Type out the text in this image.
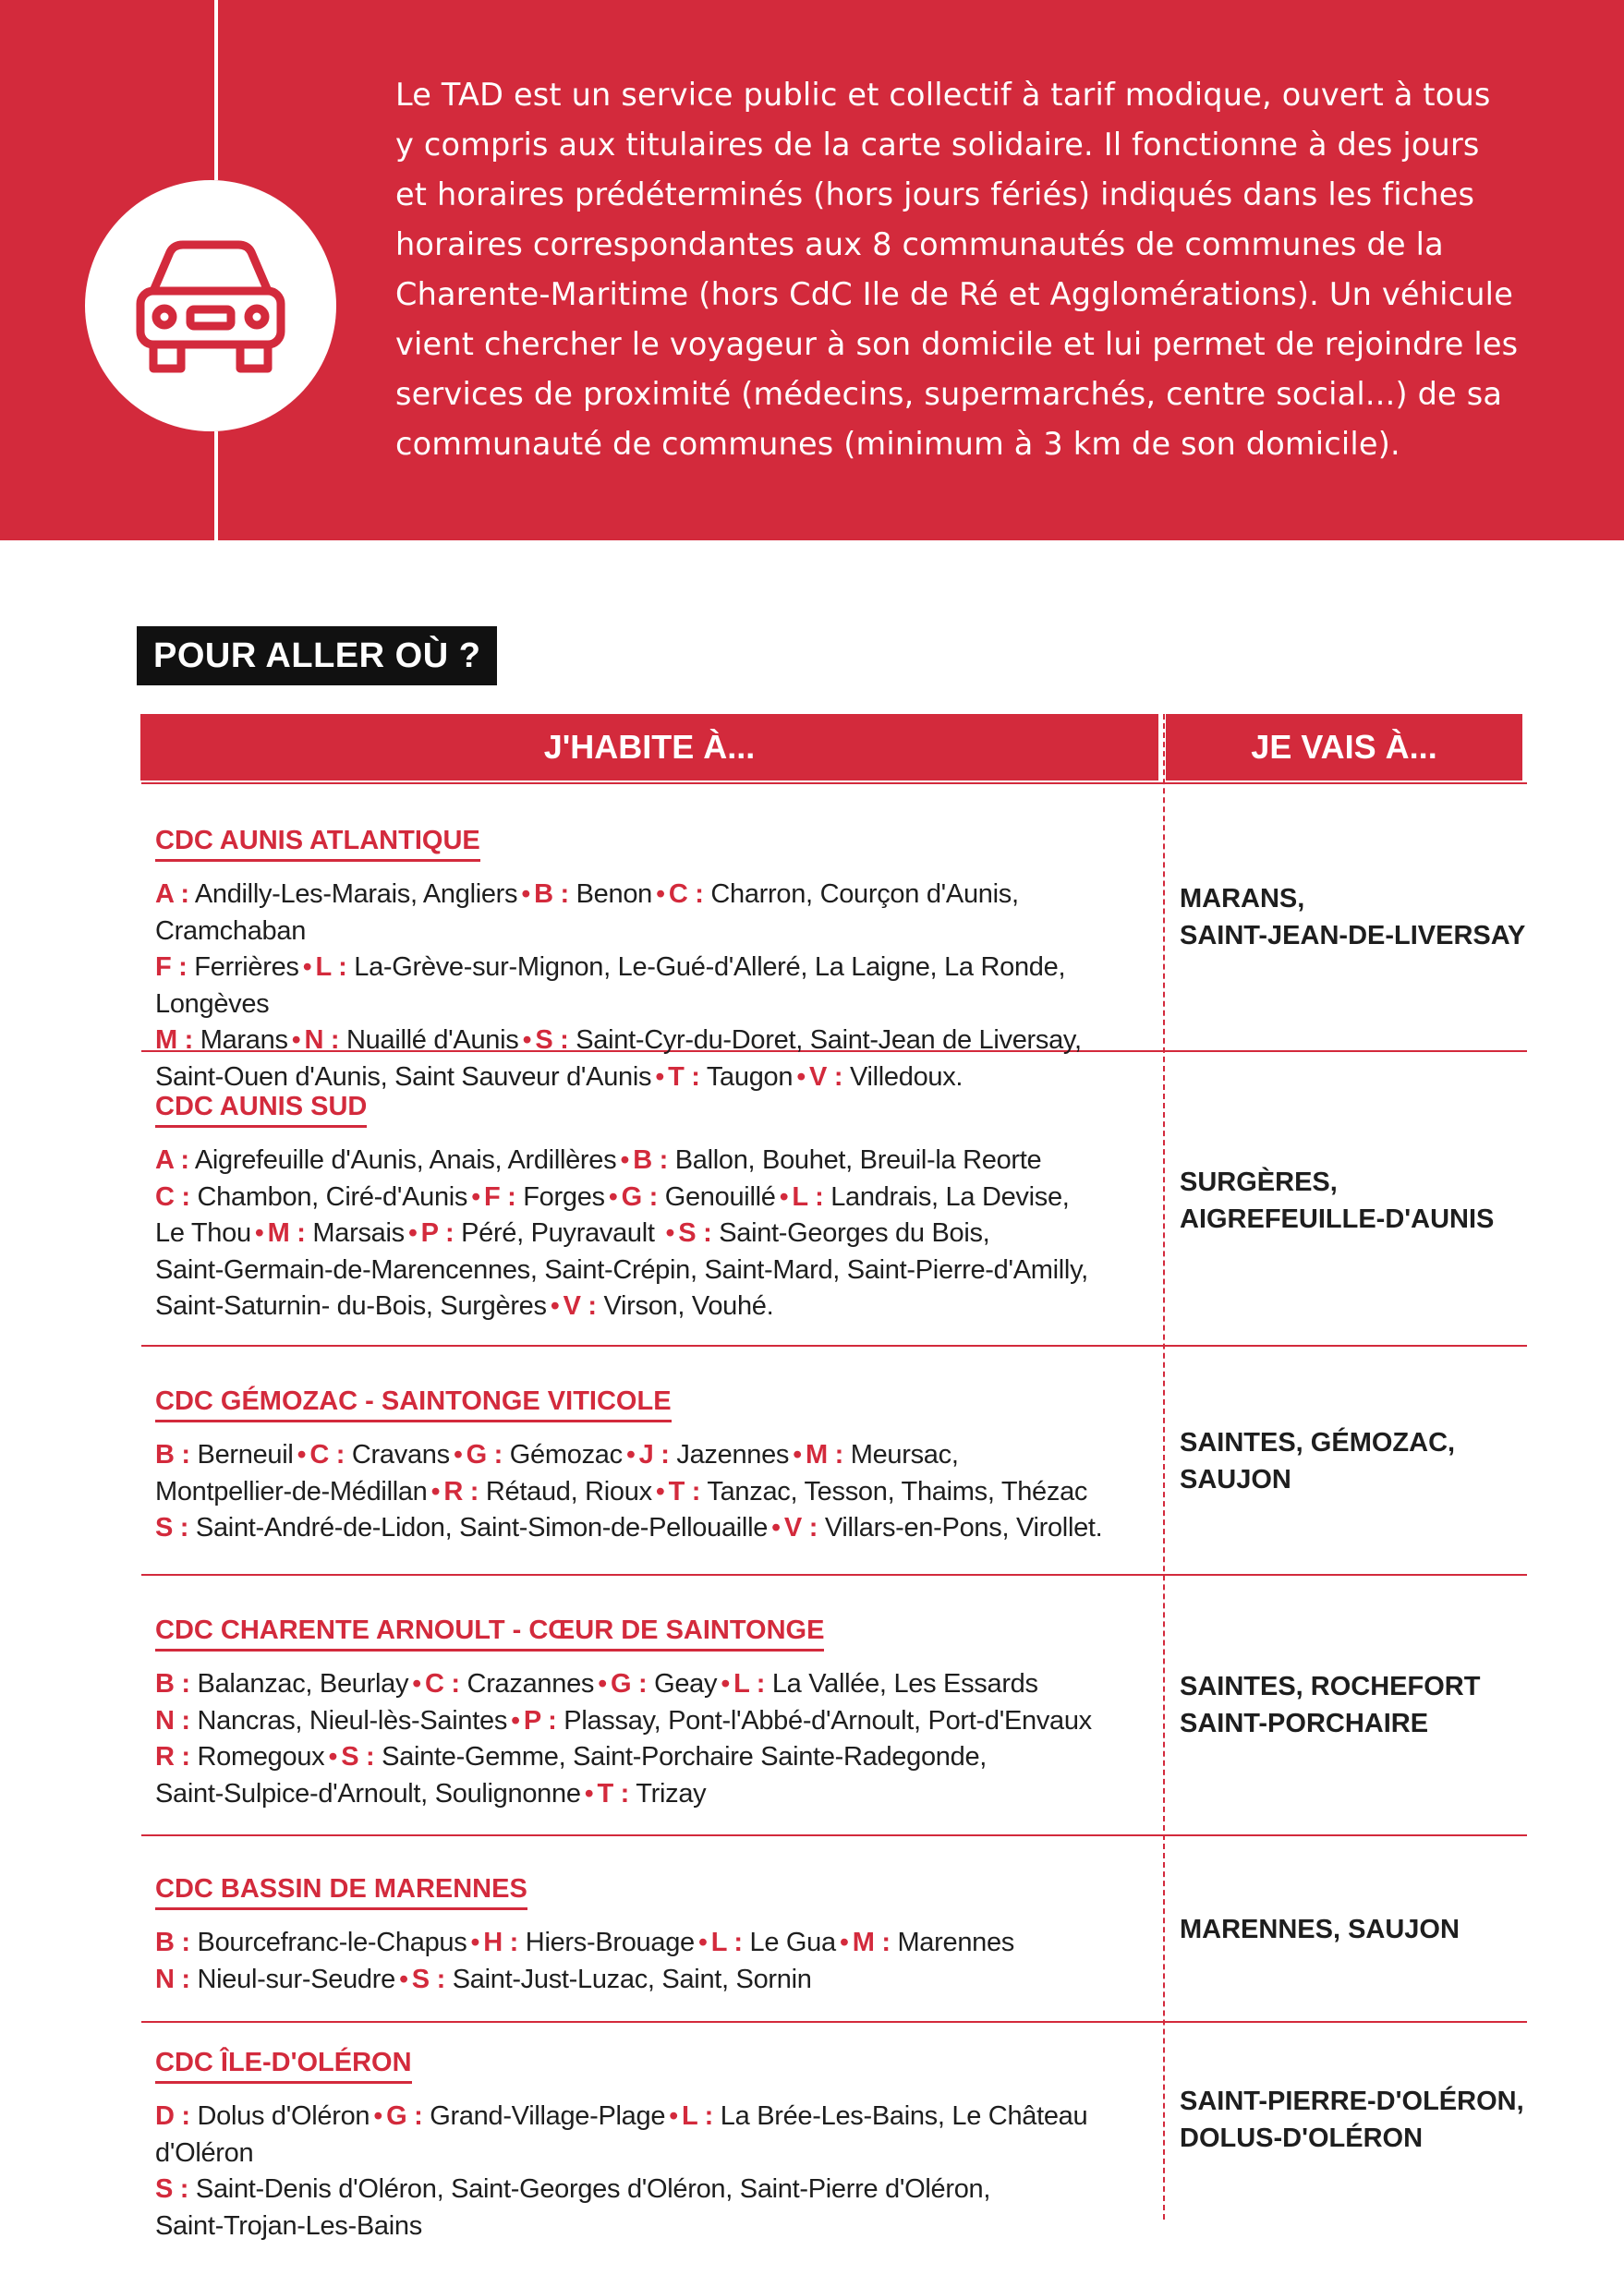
Le TAD est un service public et collectif à tarif modique, ouvert à tous
y compris aux titulaires de la carte solidaire. Il fonctionne à des jours
et horaires prédéterminés (hors jours fériés) indiqués dans les fiches
horaires correspondantes aux 8 communautés de communes de la
Charente-Maritime (hors CdC Ile de Ré et Agglomérations). Un véhicule
vient chercher le voyageur à son domicile et lui permet de rejoindre les
services de proximité (médecins, supermarchés, centre social...) de sa
communauté de communes (minimum à 3 km de son domicile).
POUR ALLER OÙ ?
J'HABITE À...	JE VAIS À...
CDC AUNIS ATLANTIQUE
A : Andilly-Les-Marais, Angliers • B : Benon • C : Charron, Courçon d'Aunis, Cramchaban
F : Ferrières • L : La-Grève-sur-Mignon, Le-Gué-d'Alleré, La Laigne, La Ronde, Longèves
M : Marans • N : Nuaillé d'Aunis • S : Saint-Cyr-du-Doret, Saint-Jean de Liversay,
Saint-Ouen d'Aunis, Saint Sauveur d'Aunis • T : Taugon • V : Villedoux.
MARANS,
SAINT-JEAN-DE-LIVERSAY
CDC AUNIS SUD
A : Aigrefeuille d'Aunis, Anais, Ardillères • B : Ballon, Bouhet, Breuil-la Reorte
C : Chambon, Ciré-d'Aunis • F : Forges • G : Genouillé • L : Landrais, La Devise,
Le Thou • M : Marsais • P : Péré, Puyravault • S : Saint-Georges du Bois,
Saint-Germain-de-Marencennes, Saint-Crépin, Saint-Mard, Saint-Pierre-d'Amilly,
Saint-Saturnin- du-Bois, Surgères • V : Virson, Vouhé.
SURGÈRES,
AIGREFEUILLE-D'AUNIS
CDC GÉMOZAC - SAINTONGE VITICOLE
B : Berneuil • C : Cravans • G : Gémozac • J : Jazennes • M : Meursac,
Montpellier-de-Médillan • R : Rétaud, Rioux • T : Tanzac, Tesson, Thaims, Thézac
S : Saint-André-de-Lidon, Saint-Simon-de-Pellouaille • V : Villars-en-Pons, Virollet.
SAINTES, GÉMOZAC,
SAUJON
CDC CHARENTE ARNOULT - CŒUR DE SAINTONGE
B : Balanzac, Beurlay • C : Crazannes • G : Geay • L : La Vallée, Les Essards
N : Nancras, Nieul-lès-Saintes • P : Plassay, Pont-l'Abbé-d'Arnoult, Port-d'Envaux
R : Romegoux • S : Sainte-Gemme, Saint-Porchaire Sainte-Radegonde,
Saint-Sulpice-d'Arnoult, Soulignonne • T : Trizay
SAINTES, ROCHEFORT
SAINT-PORCHAIRE
CDC BASSIN DE MARENNES
B : Bourcefranc-le-Chapus • H : Hiers-Brouage • L : Le Gua • M : Marennes
N : Nieul-sur-Seudre • S : Saint-Just-Luzac, Saint, Sornin
MARENNES, SAUJON
CDC ÎLE-D'OLÉRON
D : Dolus d'Oléron • G : Grand-Village-Plage • L : La Brée-Les-Bains, Le Château d'Oléron
S : Saint-Denis d'Oléron, Saint-Georges d'Oléron, Saint-Pierre d'Oléron,
Saint-Trojan-Les-Bains
SAINT-PIERRE-D'OLÉRON,
DOLUS-D'OLÉRON
